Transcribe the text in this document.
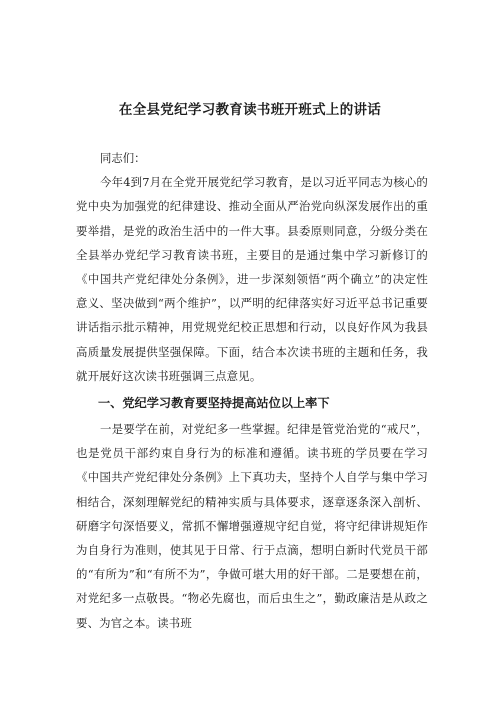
在全县党纪学习教育读书班开班式上的讲话

同志们：

今年4到7月在全党开展党纪学习教育，是以习近平同志为核心的党中央为加强党的纪律建设、推动全面从严治党向纵深发展作出的重要举措，是党的政治生活中的一件大事。县委原则同意，分级分类在全县举办党纪学习教育读书班，主要目的是通过集中学习新修订的《中国共产党纪律处分条例》，进一步深刻领悟“两个确立”的决定性意义、坚决做到“两个维护”，以严明的纪律落实好习近平总书记重要讲话指示批示精神，用党规党纪校正思想和行动，以良好作风为我县高质量发展提供坚强保障。下面，结合本次读书班的主题和任务，我就开展好这次读书班强调三点意见。

一、党纪学习教育要坚持提高站位以上率下

一是要学在前，对党纪多一些掌握。纪律是管党治党的“戒尺”，也是党员干部约束自身行为的标准和遵循。读书班的学员要在学习《中国共产党纪律处分条例》上下真功夫，坚持个人自学与集中学习相结合，深刻理解党纪的精神实质与具体要求，逐章逐条深入剖析、研磨字句深悟要义，常抓不懈增强遵规守纪自觉，将守纪律讲规矩作为自身行为准则，使其见于日常、行于点滴，想明白新时代党员干部的“有所为”和“有所不为”，争做可堪大用的好干部。二是要想在前，对党纪多一点敬畏。“物必先腐也，而后虫生之”，勤政廉洁是从政之要、为官之本。读书班
